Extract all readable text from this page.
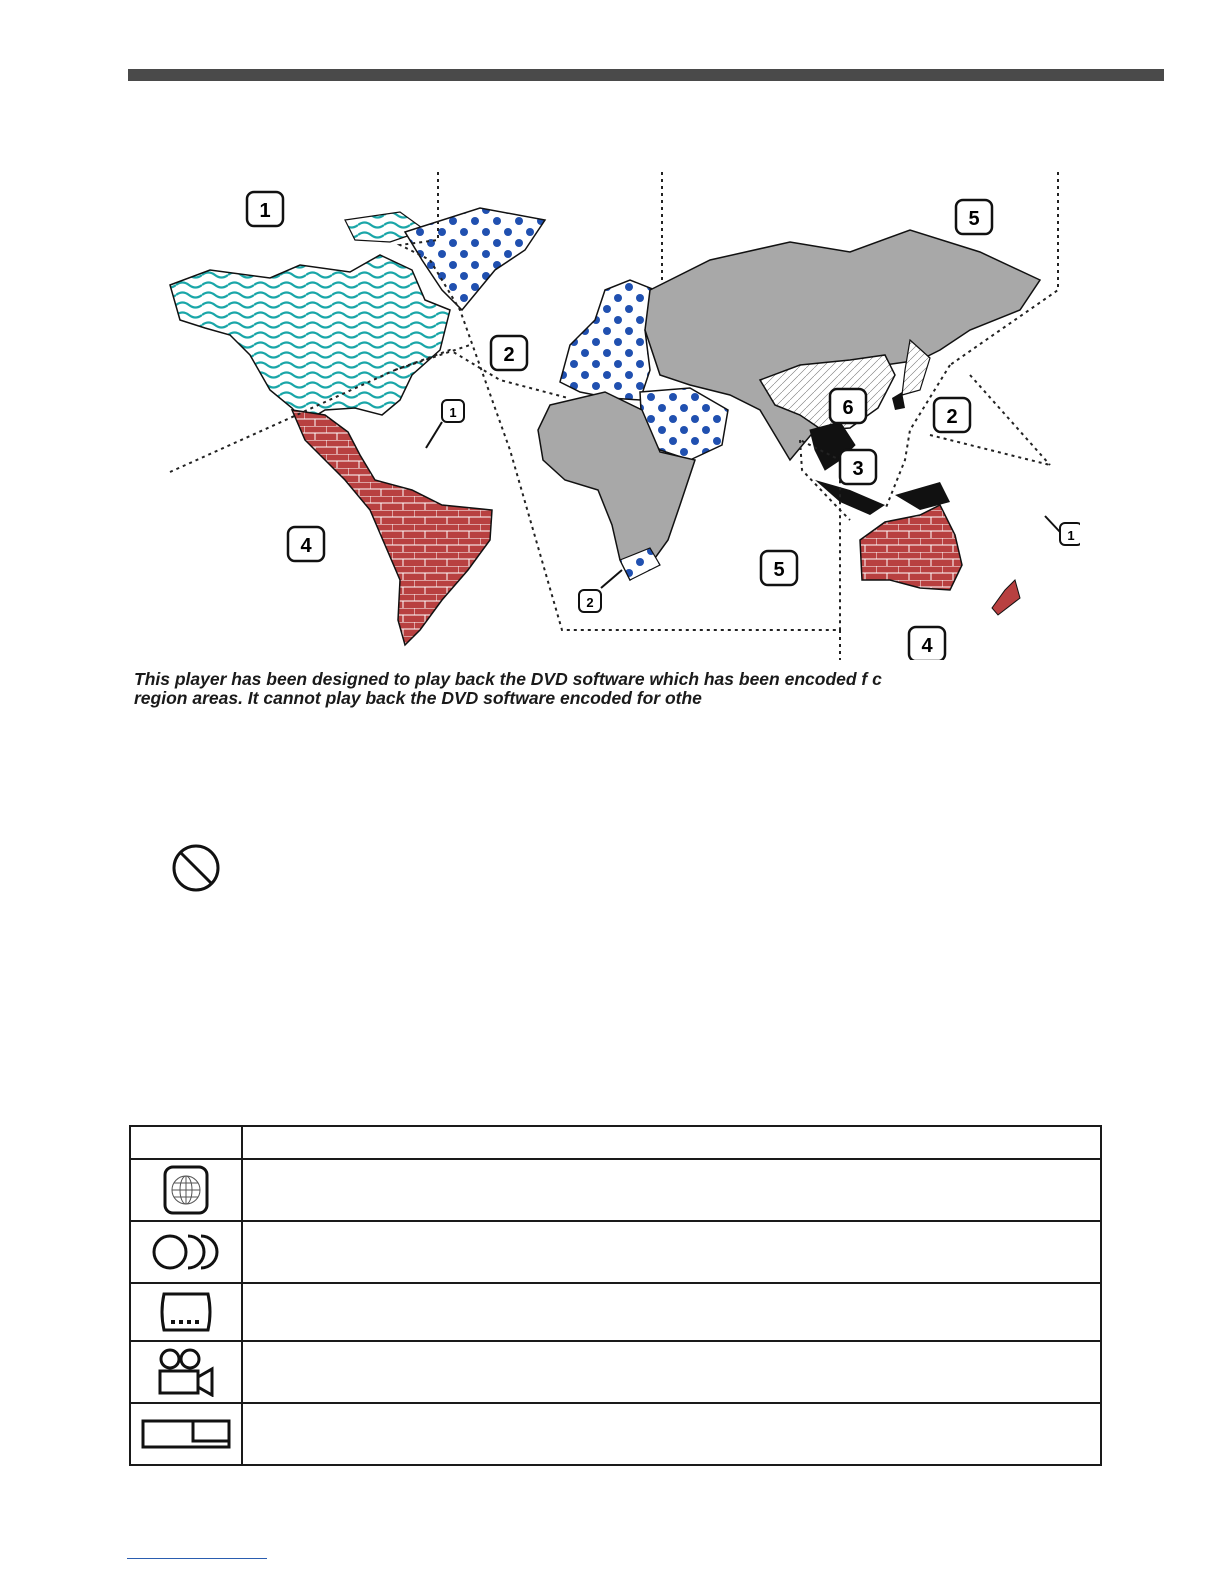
1
1
1
2
2
2
3
4
4
5
5
6

This player has been designed to play back the DVD software which has been encoded f c
region areas. It cannot play back the DVD software encoded for othe
